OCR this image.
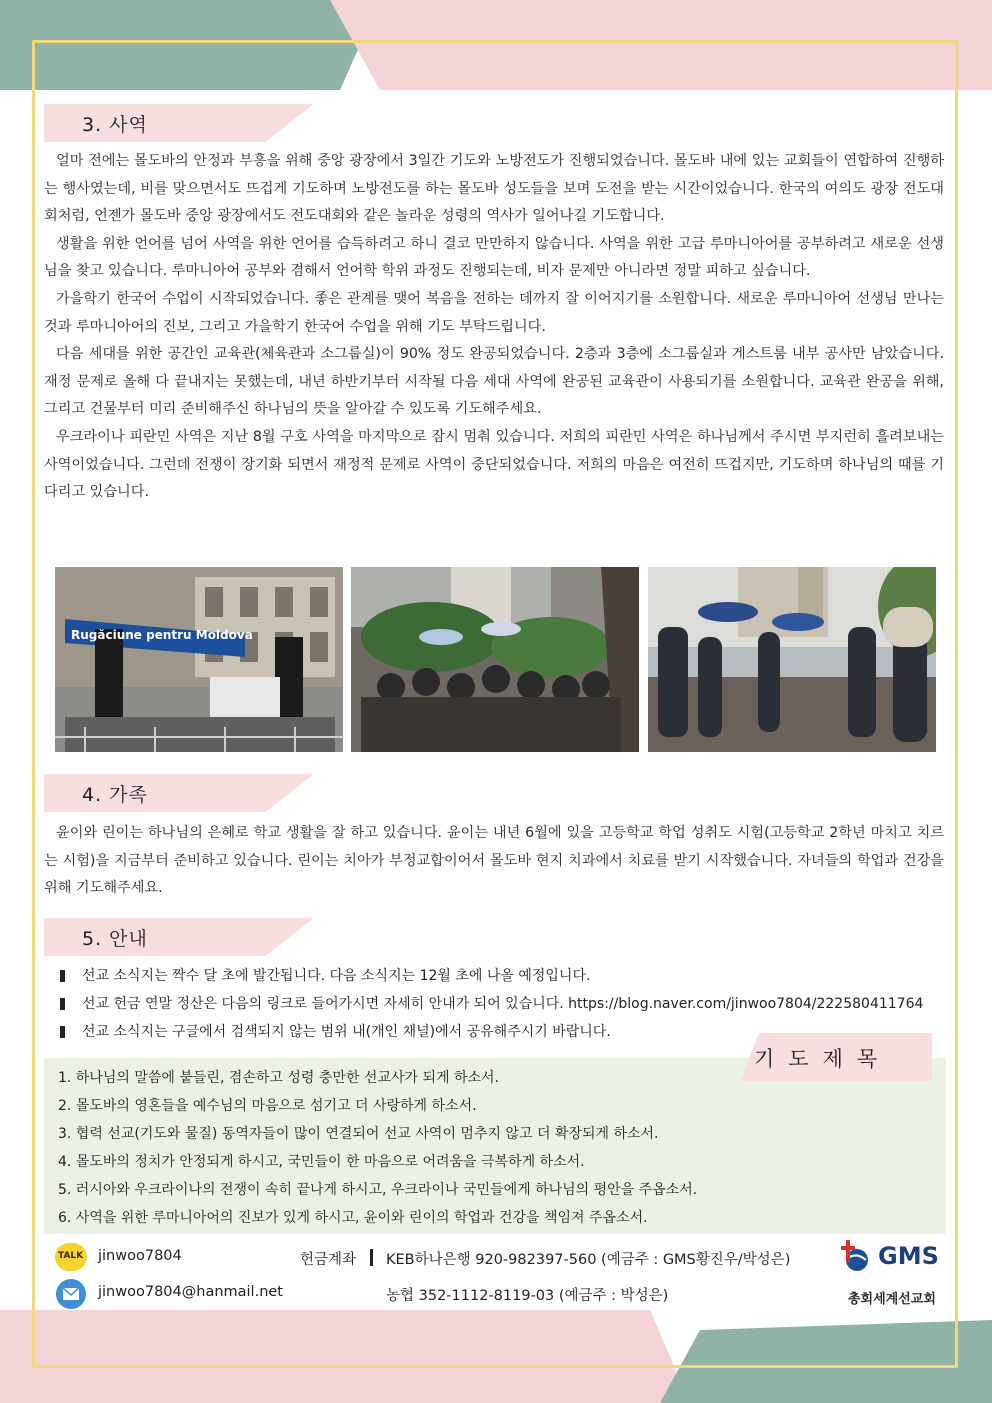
3. 사역

얼마 전에는 몰도바의 안정과 부흥을 위해 중앙 광장에서 3일간 기도와 노방전도가 진행되었습니다. 몰도바 내에 있는 교회들이 연합하여 진행하는 행사였는데, 비를 맞으면서도 뜨겁게 기도하며 노방전도를 하는 몰도바 성도들을 보며 도전을 받는 시간이었습니다. 한국의 여의도 광장 전도대회처럼, 언젠가 몰도바 중앙 광장에서도 전도대회와 같은 놀라운 성령의 역사가 일어나길 기도합니다.

생활을 위한 언어를 넘어 사역을 위한 언어를 습득하려고 하니 결코 만만하지 않습니다. 사역을 위한 고급 루마니아어를 공부하려고 새로운 선생님을 찾고 있습니다. 루마니아어 공부와 겸해서 언어학 학위 과정도 진행되는데, 비자 문제만 아니라면 정말 피하고 싶습니다.

가을학기 한국어 수업이 시작되었습니다. 좋은 관계를 맺어 복음을 전하는 데까지 잘 이어지기를 소원합니다. 새로운 루마니아어 선생님 만나는 것과 루마니아어의 진보, 그리고 가을학기 한국어 수업을 위해 기도 부탁드립니다.

다음 세대를 위한 공간인 교육관(체육관과 소그룹실)이 90% 정도 완공되었습니다. 2층과 3층에 소그룹실과 게스트룸 내부 공사만 남았습니다. 재정 문제로 올해 다 끝내지는 못했는데, 내년 하반기부터 시작될 다음 세대 사역에 완공된 교육관이 사용되기를 소원합니다. 교육관 완공을 위해, 그리고 건물부터 미리 준비해주신 하나님의 뜻을 알아갈 수 있도록 기도해주세요.

우크라이나 피란민 사역은 지난 8월 구호 사역을 마지막으로 잠시 멈춰 있습니다. 저희의 피란민 사역은 하나님께서 주시면 부지런히 흘려보내는 사역이었습니다. 그런데 전쟁이 장기화 되면서 재정적 문제로 사역이 중단되었습니다. 저희의 마음은 여전히 뜨겁지만, 기도하며 하나님의 때를 기다리고 있습니다.

Rugăciune pentru Moldova
4. 가족

윤이와 린이는 하나님의 은혜로 학교 생활을 잘 하고 있습니다. 윤이는 내년 6월에 있을 고등학교 학업 성취도 시험(고등학교 2학년 마치고 치르는 시험)을 지금부터 준비하고 있습니다. 린이는 치아가 부정교합이어서 몰도바 현지 치과에서 치료를 받기 시작했습니다. 자녀들의 학업과 건강을 위해 기도해주세요.

5. 안내
선교 소식지는 짝수 달 초에 발간됩니다. 다음 소식지는 12월 초에 나올 예정입니다.
선교 헌금 연말 정산은 다음의 링크로 들어가시면 자세히 안내가 되어 있습니다. https://blog.naver.com/jinwoo7804/222580411764
선교 소식지는 구글에서 검색되지 않는 범위 내(개인 채널)에서 공유해주시기 바랍니다.
기도제목
1. 하나님의 말씀에 붙들린, 겸손하고 성령 충만한 선교사가 되게 하소서.
2. 몰도바의 영혼들을 예수님의 마음으로 섬기고 더 사랑하게 하소서.
3. 협력 선교(기도와 물질) 동역자들이 많이 연결되어 선교 사역이 멈추지 않고 더 확장되게 하소서.
4. 몰도바의 정치가 안정되게 하시고, 국민들이 한 마음으로 어려움을 극복하게 하소서.
5. 러시아와 우크라이나의 전쟁이 속히 끝나게 하시고, 우크라이나 국민들에게 하나님의 평안을 주옵소서.
6. 사역을 위한 루마니아어의 진보가 있게 하시고, 윤이와 린이의 학업과 건강을 책임져 주옵소서.
TALK jinwoo7804
jinwoo7804@hanmail.net
헌금계좌 KEB하나은행 920-982397-560 (예금주 : GMS황진우/박성은)
농협 352-1112-8119-03 (예금주 : 박성은)
GMS
총회세계선교회
